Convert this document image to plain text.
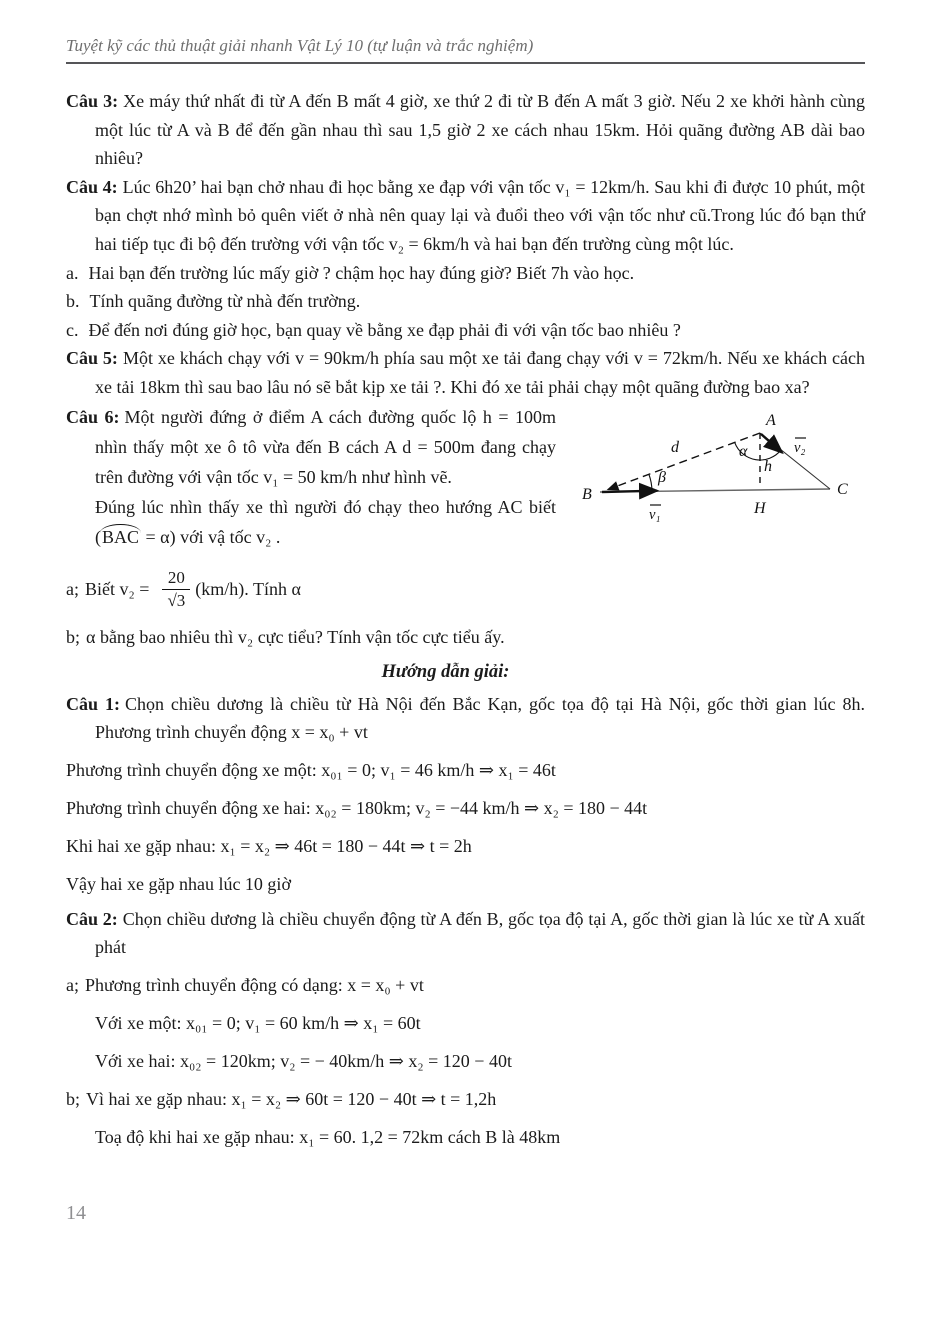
Tuyệt kỹ các thủ thuật giải nhanh Vật Lý 10 (tự luận và trắc nghiệm)

Câu 3: Xe máy thứ nhất đi từ A đến B mất 4 giờ, xe thứ 2 đi từ B đến A mất 3 giờ. Nếu 2 xe khởi hành cùng một lúc từ A và B để đến gần nhau thì sau 1,5 giờ 2 xe cách nhau 15km. Hỏi quãng đường AB dài bao nhiêu?

Câu 4: Lúc 6h20’ hai bạn chở nhau đi học bằng xe đạp với vận tốc v₁ = 12km/h. Sau khi đi được 10 phút, một bạn chợt nhớ mình bỏ quên viết ở nhà nên quay lại và đuổi theo với vận tốc như cũ.Trong lúc đó bạn thứ hai tiếp tục đi bộ đến trường với vận tốc v₂ = 6km/h và hai bạn đến trường cùng một lúc.

a. Hai bạn đến trường lúc mấy giờ ? chậm học hay đúng giờ? Biết 7h vào học.

b. Tính quãng đường từ nhà đến trường.

c. Để đến nơi đúng giờ học, bạn quay về bằng xe đạp phải đi với vận tốc bao nhiêu ?

Câu 5: Một xe khách chạy với v = 90km/h phía sau một xe tải đang chạy với v = 72km/h. Nếu xe khách cách xe tải 18km thì sau bao lâu nó sẽ bắt kịp xe tải ?. Khi đó xe tải phải chạy một quãng đường bao xa?

Câu 6: Một người đứng ở điểm A cách đường quốc lộ h = 100m nhìn thấy một xe ô tô vừa đến B cách A d = 500m đang chạy trên đường với vận tốc v₁ = 50 km/h như hình vẽ.

Đúng lúc nhìn thấy xe thì người đó chạy theo hướng AC biết (BAC = α) với vậ tốc v₂ .

A
B	C
H
d
h
α
β
v₁
v₂
a; Biết $v_2 = \frac{20}{√3} (km/h)$. Tính α
b; α bằng bao nhiêu thì v₂ cực tiểu? Tính vận tốc cực tiểu ấy.
Hướng dẫn giải:

Câu 1: Chọn chiều dương là chiều từ Hà Nội đến Bắc Kạn, gốc tọa độ tại Hà Nội, gốc thời gian lúc 8h. Phương trình chuyển động x = x₀ + vt

Phương trình chuyển động xe một: x₀₁ = 0; v₁ = 46 km/h ⇒ x₁ = 46t
Phương trình chuyển động xe hai: x₀₂ = 180km; v₂ = −44 km/h ⇒ x₂ = 180 − 44t
Khi hai xe gặp nhau: x₁ = x₂ ⇒ 46t = 180 − 44t ⇒ t = 2h
Vậy hai xe gặp nhau lúc 10 giờ

Câu 2: Chọn chiều dương là chiều chuyển động từ A đến B, gốc tọa độ tại A, gốc thời gian là lúc xe từ A xuất phát

a; Phương trình chuyển động có dạng: x = x₀ + vt
Với xe một: x₀₁ = 0; v₁ = 60 km/h ⇒ x₁ = 60t
Với xe hai: x₀₂ = 120km; v₂ = − 40km/h ⇒ x₂ = 120 − 40t
b; Vì hai xe gặp nhau: x₁ = x₂ ⇒ 60t = 120 − 40t ⇒ t = 1,2h
Toạ độ khi hai xe gặp nhau: x₁ = 60. 1,2 = 72km cách B là 48km
14
